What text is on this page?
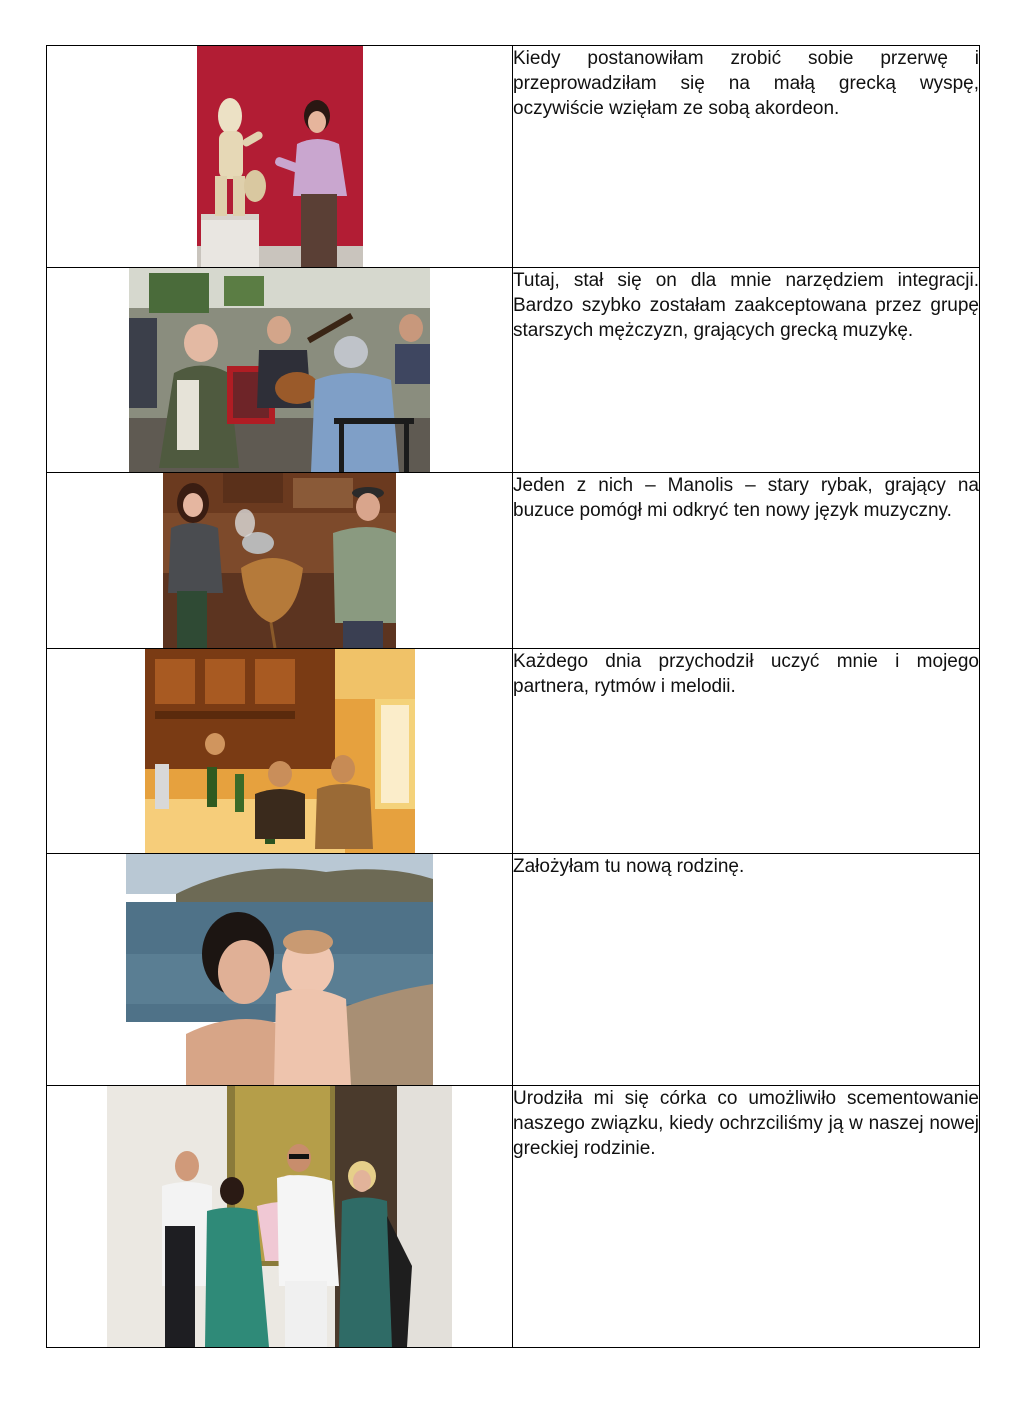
	Kiedy postanowiłam zrobić sobie przerwę i przeprowadziłam się na małą grecką wyspę, oczywiście wzięłam ze sobą akordeon.

	Tutaj, stał się on dla mnie narzędziem integracji. Bardzo szybko zostałam zaakceptowana przez grupę starszych mężczyzn, grających grecką muzykę.

	Jeden z nich – Manolis – stary rybak, grający na buzuce pomógł mi odkryć ten nowy język muzyczny.

	Każdego dnia przychodził uczyć mnie i mojego partnera, rytmów i melodii.

	Założyłam tu nową rodzinę.

	Urodziła mi się córka co umożliwiło scementowanie naszego związku, kiedy ochrzciliśmy ją w naszej nowej greckiej rodzinie.
